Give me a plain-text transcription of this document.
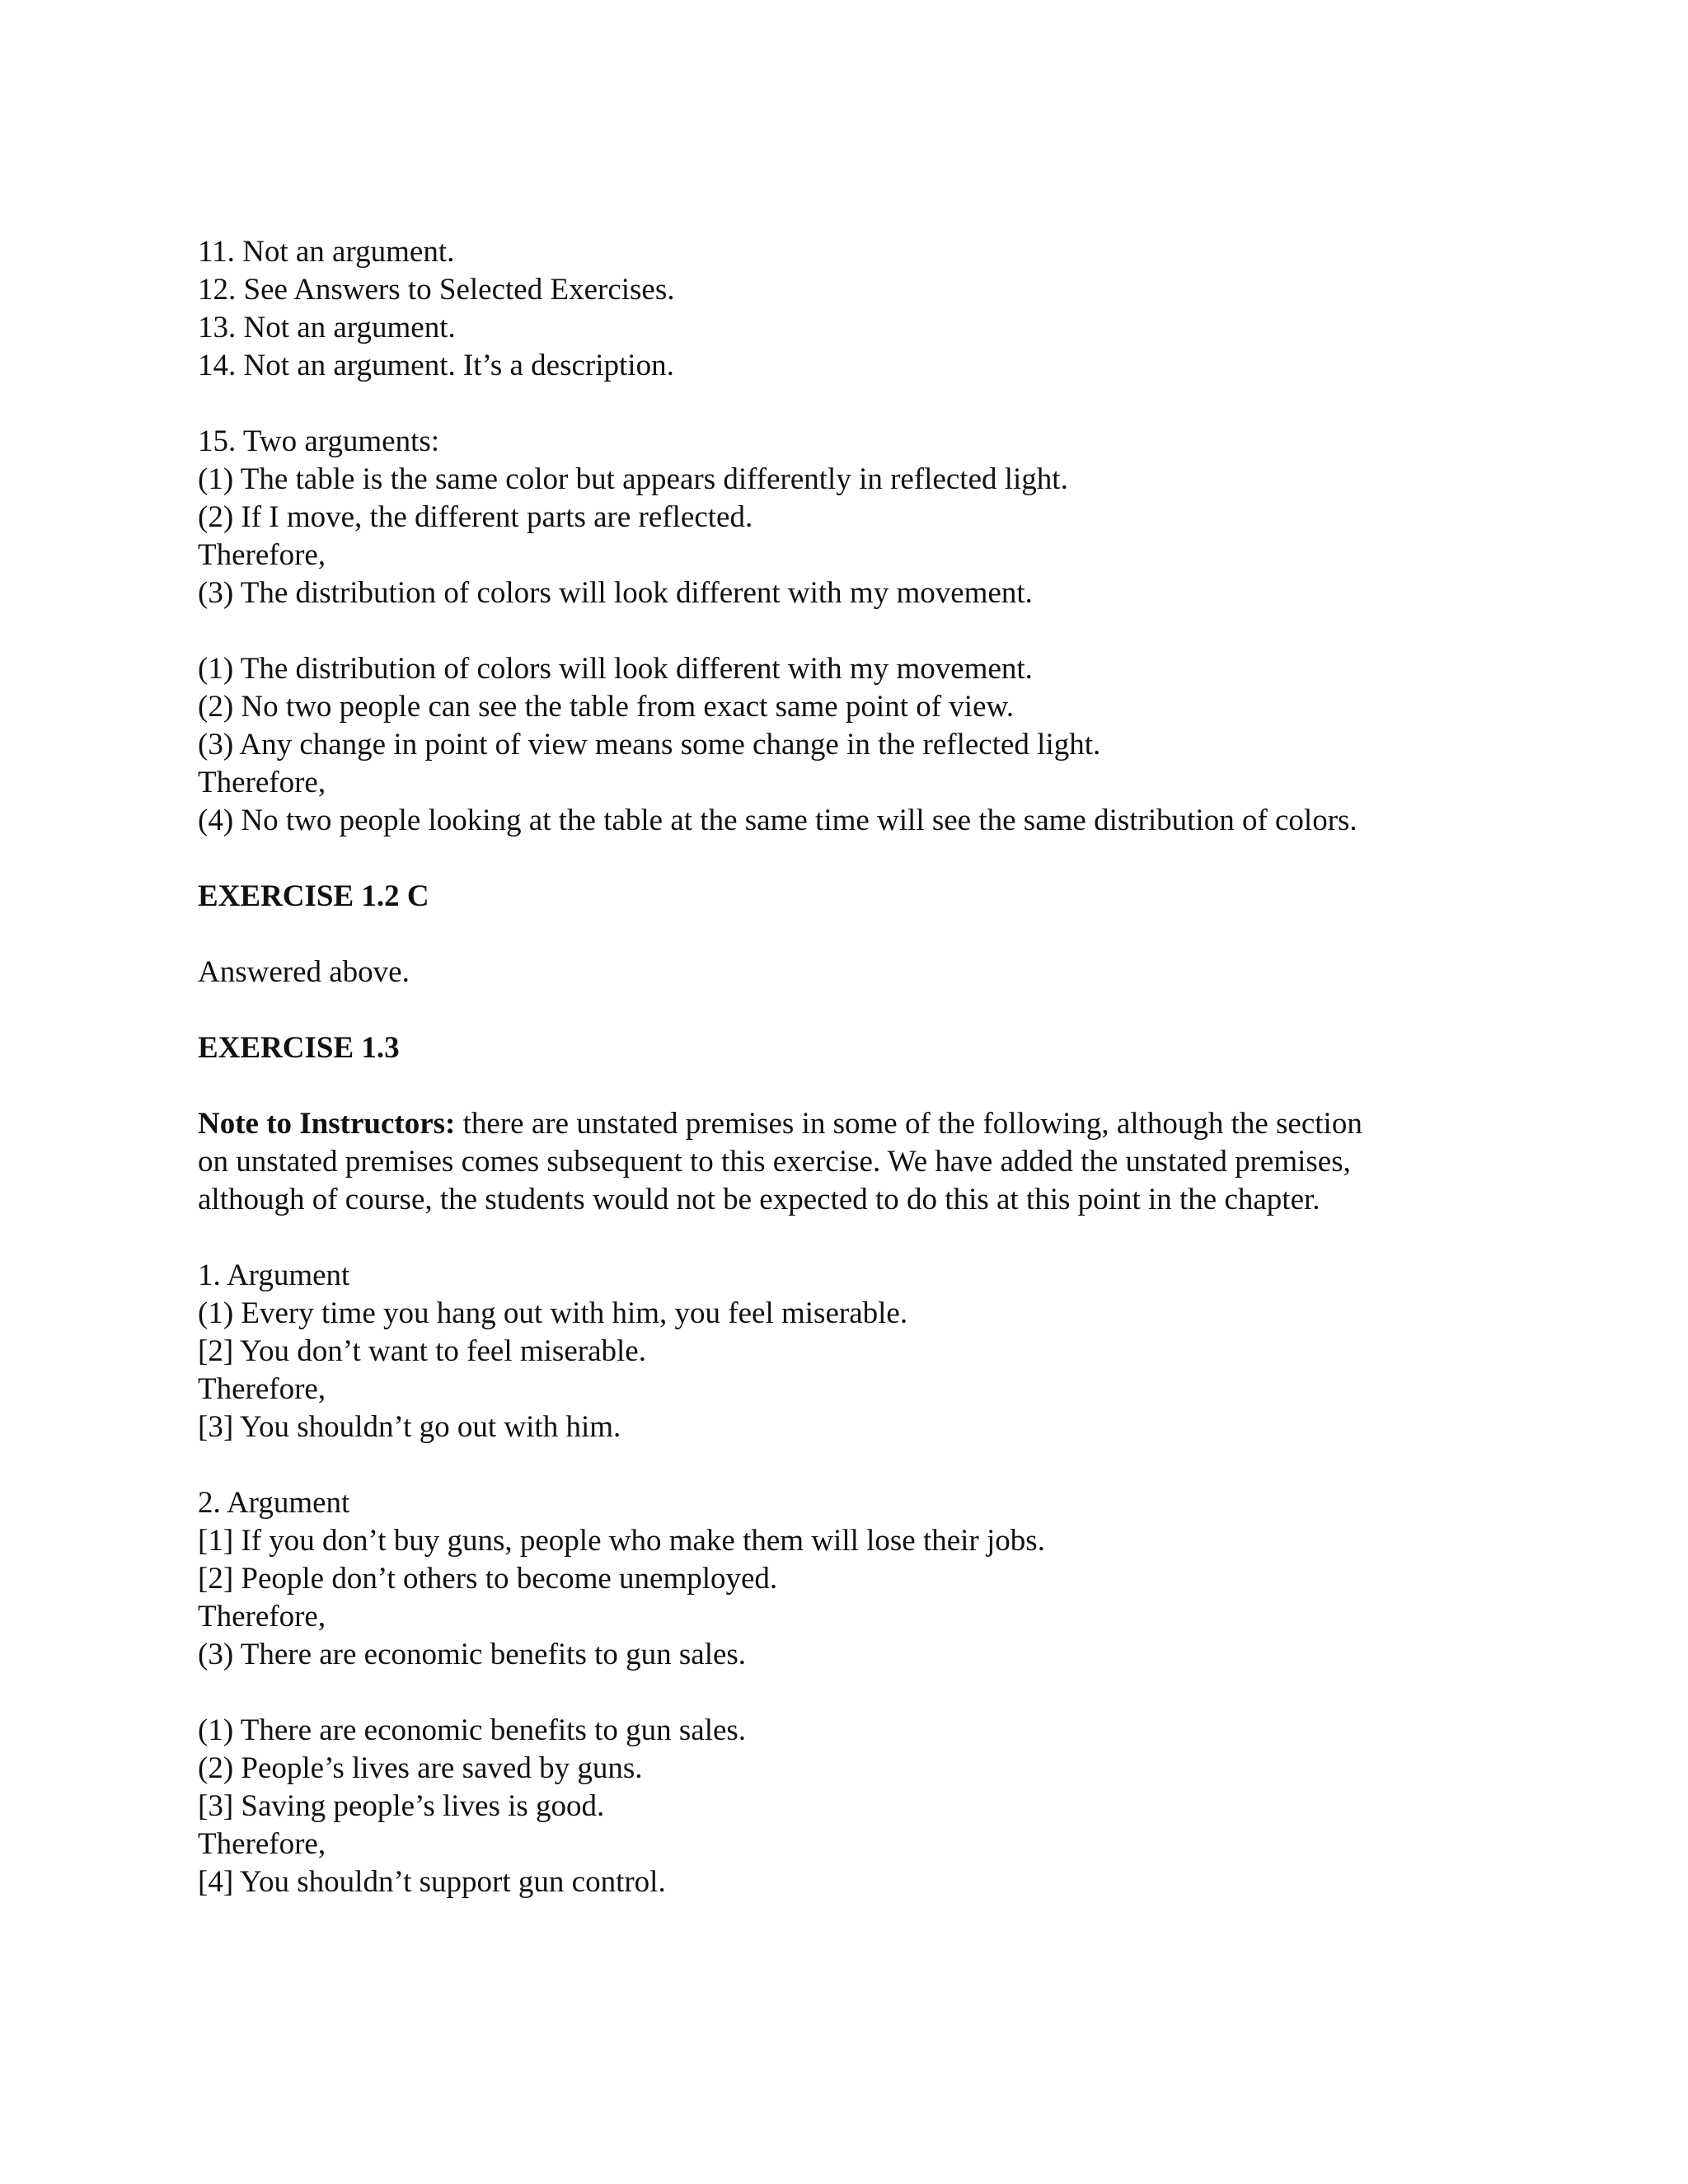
11. Not an argument.
12. See Answers to Selected Exercises.
13. Not an argument.
14. Not an argument. It’s a description.
15. Two arguments:
(1) The table is the same color but appears differently in reflected light.
(2) If I move, the different parts are reflected.
Therefore,
(3) The distribution of colors will look different with my movement.
(1) The distribution of colors will look different with my movement.
(2) No two people can see the table from exact same point of view.
(3) Any change in point of view means some change in the reflected light.
Therefore,
(4) No two people looking at the table at the same time will see the same distribution of colors.
EXERCISE 1.2 C
Answered above.
EXERCISE 1.3
Note to Instructors: there are unstated premises in some of the following, although the section
on unstated premises comes subsequent to this exercise. We have added the unstated premises,
although of course, the students would not be expected to do this at this point in the chapter.
1. Argument
(1) Every time you hang out with him, you feel miserable.
[2] You don’t want to feel miserable.
Therefore,
[3] You shouldn’t go out with him.
2. Argument
[1] If you don’t buy guns, people who make them will lose their jobs.
[2] People don’t others to become unemployed.
Therefore,
(3) There are economic benefits to gun sales.
(1) There are economic benefits to gun sales.
(2) People’s lives are saved by guns.
[3] Saving people’s lives is good.
Therefore,
[4] You shouldn’t support gun control.
